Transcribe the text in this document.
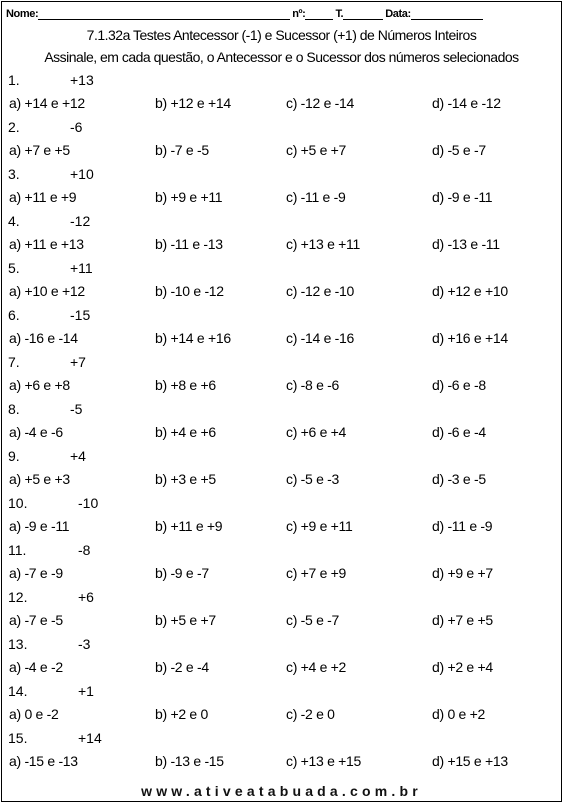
Nome:	nº:	T.	Data:
7.1.32a Testes Antecessor (-1) e Sucessor (+1) de Números Inteiros
Assinale, em cada questão, o Antecessor e o Sucessor dos números selecionados
1.	+13
a) +14 e +12	b) +12 e +14	c) -12 e -14	d) -14 e -12
2.	-6
a) +7 e +5	b) -7 e -5	c) +5 e +7	d) -5 e -7
3.	+10
a) +11 e +9	b) +9 e +11	c) -11 e -9	d) -9 e -11
4.	-12
a) +11 e +13	b) -11 e -13	c) +13 e +11	d) -13 e -11
5.	+11
a) +10 e +12	b) -10 e -12	c) -12 e -10	d) +12 e +10
6.	-15
a) -16 e -14	b) +14 e +16	c) -14 e -16	d) +16 e +14
7.	+7
a) +6 e +8	b) +8 e +6	c) -8 e -6	d) -6 e -8
8.	-5
a) -4 e -6	b) +4 e +6	c) +6 e +4	d) -6 e -4
9.	+4
a) +5 e +3	b) +3 e +5	c) -5 e -3	d) -3 e -5
10.	-10
a) -9 e -11	b) +11 e +9	c) +9 e +11	d) -11 e -9
11.	-8
a) -7 e -9	b) -9 e -7	c) +7 e +9	d) +9 e +7
12.	+6
a) -7 e -5	b) +5 e +7	c) -5 e -7	d) +7 e +5
13.	-3
a) -4 e -2	b) -2 e -4	c) +4 e +2	d) +2 e +4
14.	+1
a) 0 e -2	b) +2 e 0	c) -2 e 0	d) 0 e +2
15.	+14
a) -15 e -13	b) -13 e -15	c) +13 e +15	d) +15 e +13
www.ativeatabuada.com.br
